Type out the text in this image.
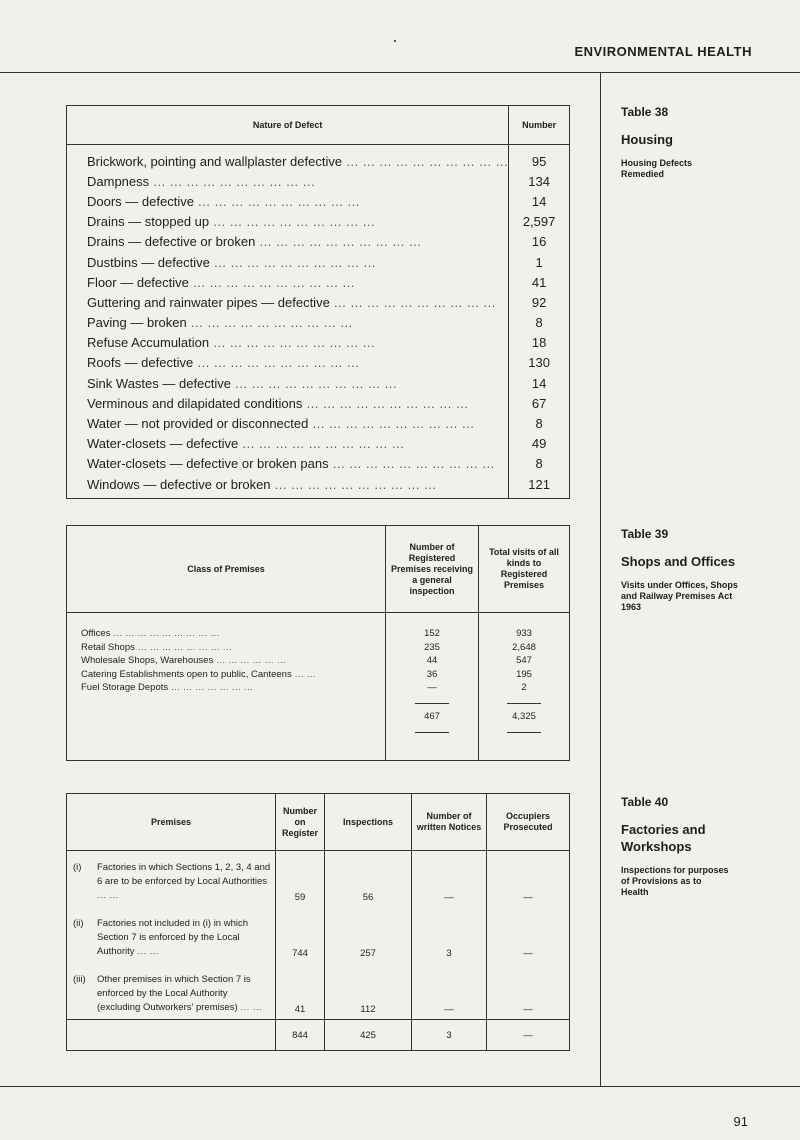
ENVIRONMENTAL HEALTH
91
Table 38
Housing
Housing Defects Remedied
Table 39
Shops and Offices
Visits under Offices, Shops and Railway Premises Act 1963
Table 40
Factories and Workshops
Inspections for purposes of Provisions as to Health
Nature of Defect	Number
Brickwork, pointing and wallplaster defective … … … … … … … … … …	95
Dampness … … … … … … … … … …	134
Doors — defective … … … … … … … … … …	14
Drains — stopped up … … … … … … … … … …	2,597
Drains — defective or broken … … … … … … … … … …	16
Dustbins — defective … … … … … … … … … …	1
Floor — defective … … … … … … … … … …	41
Guttering and rainwater pipes — defective … … … … … … … … … …	92
Paving — broken … … … … … … … … … …	8
Refuse Accumulation … … … … … … … … … …	18
Roofs — defective … … … … … … … … … …	130
Sink Wastes — defective … … … … … … … … … …	14
Verminous and dilapidated conditions … … … … … … … … … …	67
Water — not provided or disconnected … … … … … … … … … …	8
Water-closets — defective … … … … … … … … … …	49
Water-closets — defective or broken pans … … … … … … … … … …	8
Windows — defective or broken … … … … … … … … … …	121
Class of Premises	Number of Registered Premises receiving a general inspection	Total visits of all kinds to Registered Premises
Offices … … … … … … … … …	152	933
Retail Shops … … … … … … … …	235	2,648
Wholesale Shops, Warehouses … … … … … …	44	547
Catering Establishments open to public, Canteens … …	36	195
Fuel Storage Depots … … … … … … …	—	2

	467	4,325

Premises	Number on Register	Inspections	Number of written Notices	Occupiers Prosecuted

(i) Factories in which Sections 1, 2, 3, 4 and 6 are to be enforced by Local Authorities … …	59	56	—	—

(ii) Factories not included in (i) in which Section 7 is enforced by the Local Authority … …	744	257	3	—

(iii) Other premises in which Section 7 is enforced by the Local Authority (excluding Outworkers' premises) … …	41	112	—	—
	844	425	3	—
